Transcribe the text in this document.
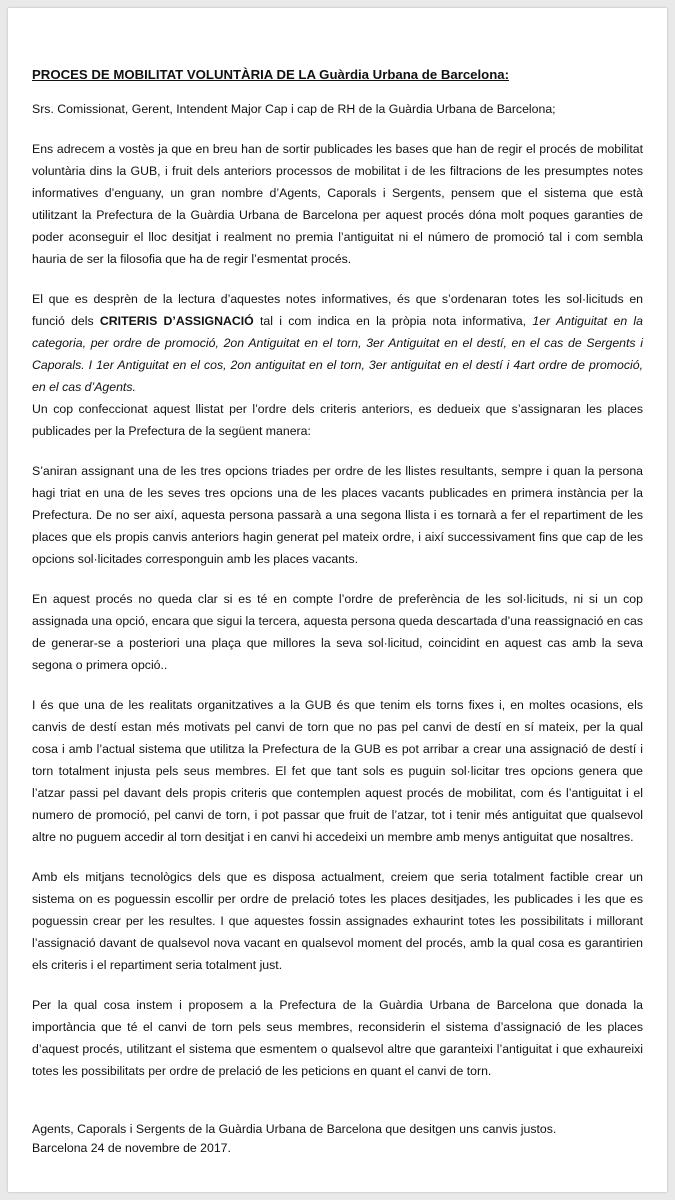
PROCES DE MOBILITAT VOLUNTÀRIA DE LA Guàrdia Urbana de Barcelona:

Srs. Comissionat, Gerent, Intendent Major Cap i cap de RH de la Guàrdia Urbana de Barcelona;

Ens adrecem a vostès ja que en breu han de sortir publicades les bases que han de regir el procés de mobilitat voluntària dins la GUB, i fruit dels anteriors processos de mobilitat i de les filtracions de les presumptes notes informatives d’enguany, un gran nombre d’Agents, Caporals i Sergents, pensem que el sistema que està utilitzant la Prefectura de la Guàrdia Urbana de Barcelona per aquest procés dóna molt poques garanties de poder aconseguir el lloc desitjat i realment no premia l’antiguitat ni el número de promoció tal i com sembla hauria de ser la filosofia que ha de regir l’esmentat procés.

El que es desprèn de la lectura d’aquestes notes informatives, és que s’ordenaran totes les sol·licituds en funció dels CRITERIS D’ASSIGNACIÓ tal i com indica en la pròpia nota informativa, 1er Antiguitat en la categoria, per ordre de promoció, 2on Antiguitat en el torn, 3er Antiguitat en el destí, en el cas de Sergents i Caporals. I 1er Antiguitat en el cos, 2on antiguitat en el torn, 3er antiguitat en el destí i 4art ordre de promoció, en el cas d’Agents.

Un cop confeccionat aquest llistat per l’ordre dels criteris anteriors, es dedueix que s’assignaran les places publicades per la Prefectura de la següent manera:

S’aniran assignant una de les tres opcions triades per ordre de les llistes resultants, sempre i quan la persona hagi triat en una de les seves tres opcions una de les places vacants publicades en primera instància per la Prefectura. De no ser així, aquesta persona passarà a una segona llista i es tornarà a fer el repartiment de les places que els propis canvis anteriors hagin generat pel mateix ordre, i així successivament fins que cap de les opcions sol·licitades corresponguin amb les places vacants.

En aquest procés no queda clar si es té en compte l’ordre de preferència de les sol·licituds, ni si un cop assignada una opció, encara que sigui la tercera, aquesta persona queda descartada d’una reassignació en cas de generar-se a posteriori una plaça que millores la seva sol·licitud, coincidint en aquest cas amb la seva segona o primera opció..

I és que una de les realitats organitzatives a la GUB és que tenim els torns fixes i, en moltes ocasions, els canvis de destí estan més motivats pel canvi de torn que no pas pel canvi de destí en sí mateix, per la qual cosa i amb l’actual sistema que utilitza la Prefectura de la GUB es pot arribar a crear una assignació de destí i torn totalment injusta pels seus membres. El fet que tant sols es puguin sol·licitar tres opcions genera que l’atzar passi pel davant dels propis criteris que contemplen aquest procés de mobilitat, com és l’antiguitat i el numero de promoció, pel canvi de torn, i pot passar que fruit de l’atzar, tot i tenir més antiguitat que qualsevol altre no puguem accedir al torn desitjat i en canvi hi accedeixi un membre amb menys antiguitat que nosaltres.

Amb els mitjans tecnològics dels que es disposa actualment, creiem que seria totalment factible crear un sistema on es poguessin escollir per ordre de prelació totes les places desitjades, les publicades i les que es poguessin crear per les resultes. I que aquestes fossin assignades exhaurint totes les possibilitats i millorant l’assignació davant de qualsevol nova vacant en qualsevol moment del procés, amb la qual cosa es garantirien els criteris i el repartiment seria totalment just.

Per la qual cosa instem i proposem a la Prefectura de la Guàrdia Urbana de Barcelona que donada la importància que té el canvi de torn pels seus membres, reconsiderin el sistema d’assignació de les places d’aquest procés, utilitzant el sistema que esmentem o qualsevol altre que garanteixi l’antiguitat i que exhaureixi totes les possibilitats per ordre de prelació de les peticions en quant el canvi de torn.

Agents, Caporals i Sergents de la Guàrdia Urbana de Barcelona que desitgen uns canvis justos.
Barcelona 24 de novembre de 2017.
